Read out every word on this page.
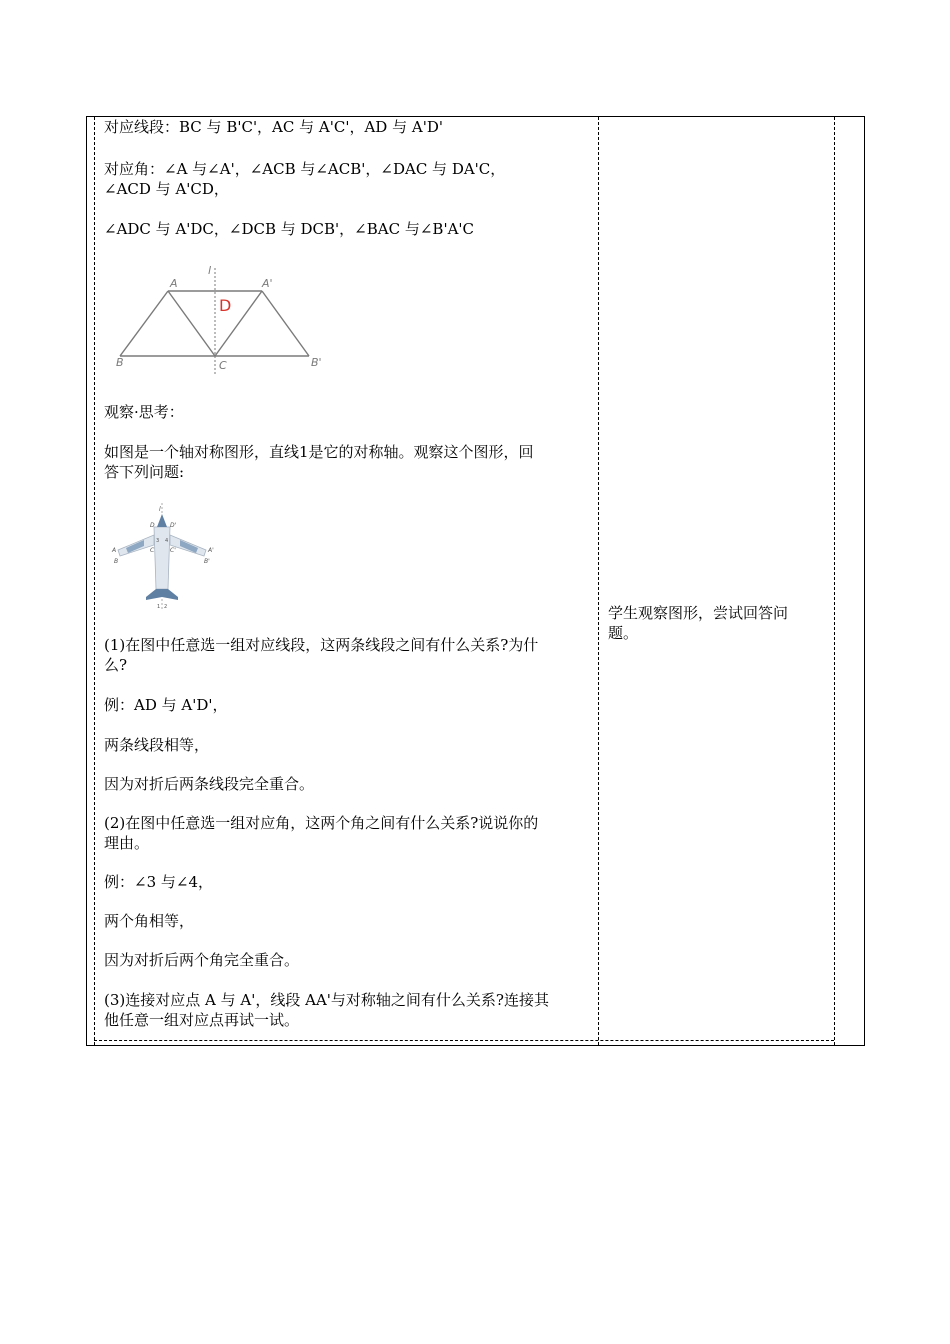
对应线段：BC 与 B'C'，AC 与 A'C'，AD 与 A'D'

对应角：∠A 与∠A'，∠ACB 与∠ACB'，∠DAC 与 DA'C，

∠ACD 与 A'CD，

∠ADC 与 A'DC，∠DCB 与 DCB'，∠BAC 与∠B'A'C

A	A'
B	B'
C
l
D

观察·思考：

如图是一个轴对称图形，直线1是它的对称轴。观察这个图形，回

答下列问题:

l
D	D'
A	A'
B	B'
C	C'
3 4
1 2

(1)在图中任意选一组对应线段，这两条线段之间有什么关系?为什

么?

例：AD 与 A'D'，

两条线段相等，

因为对折后两条线段完全重合。

(2)在图中任意选一组对应角，这两个角之间有什么关系?说说你的

理由。

例：∠3 与∠4，

两个角相等，

因为对折后两个角完全重合。

(3)连接对应点 A 与 A'，线段 AA'与对称轴之间有什么关系?连接其

他任意一组对应点再试一试。

学生观察图形，尝试回答问

题。
